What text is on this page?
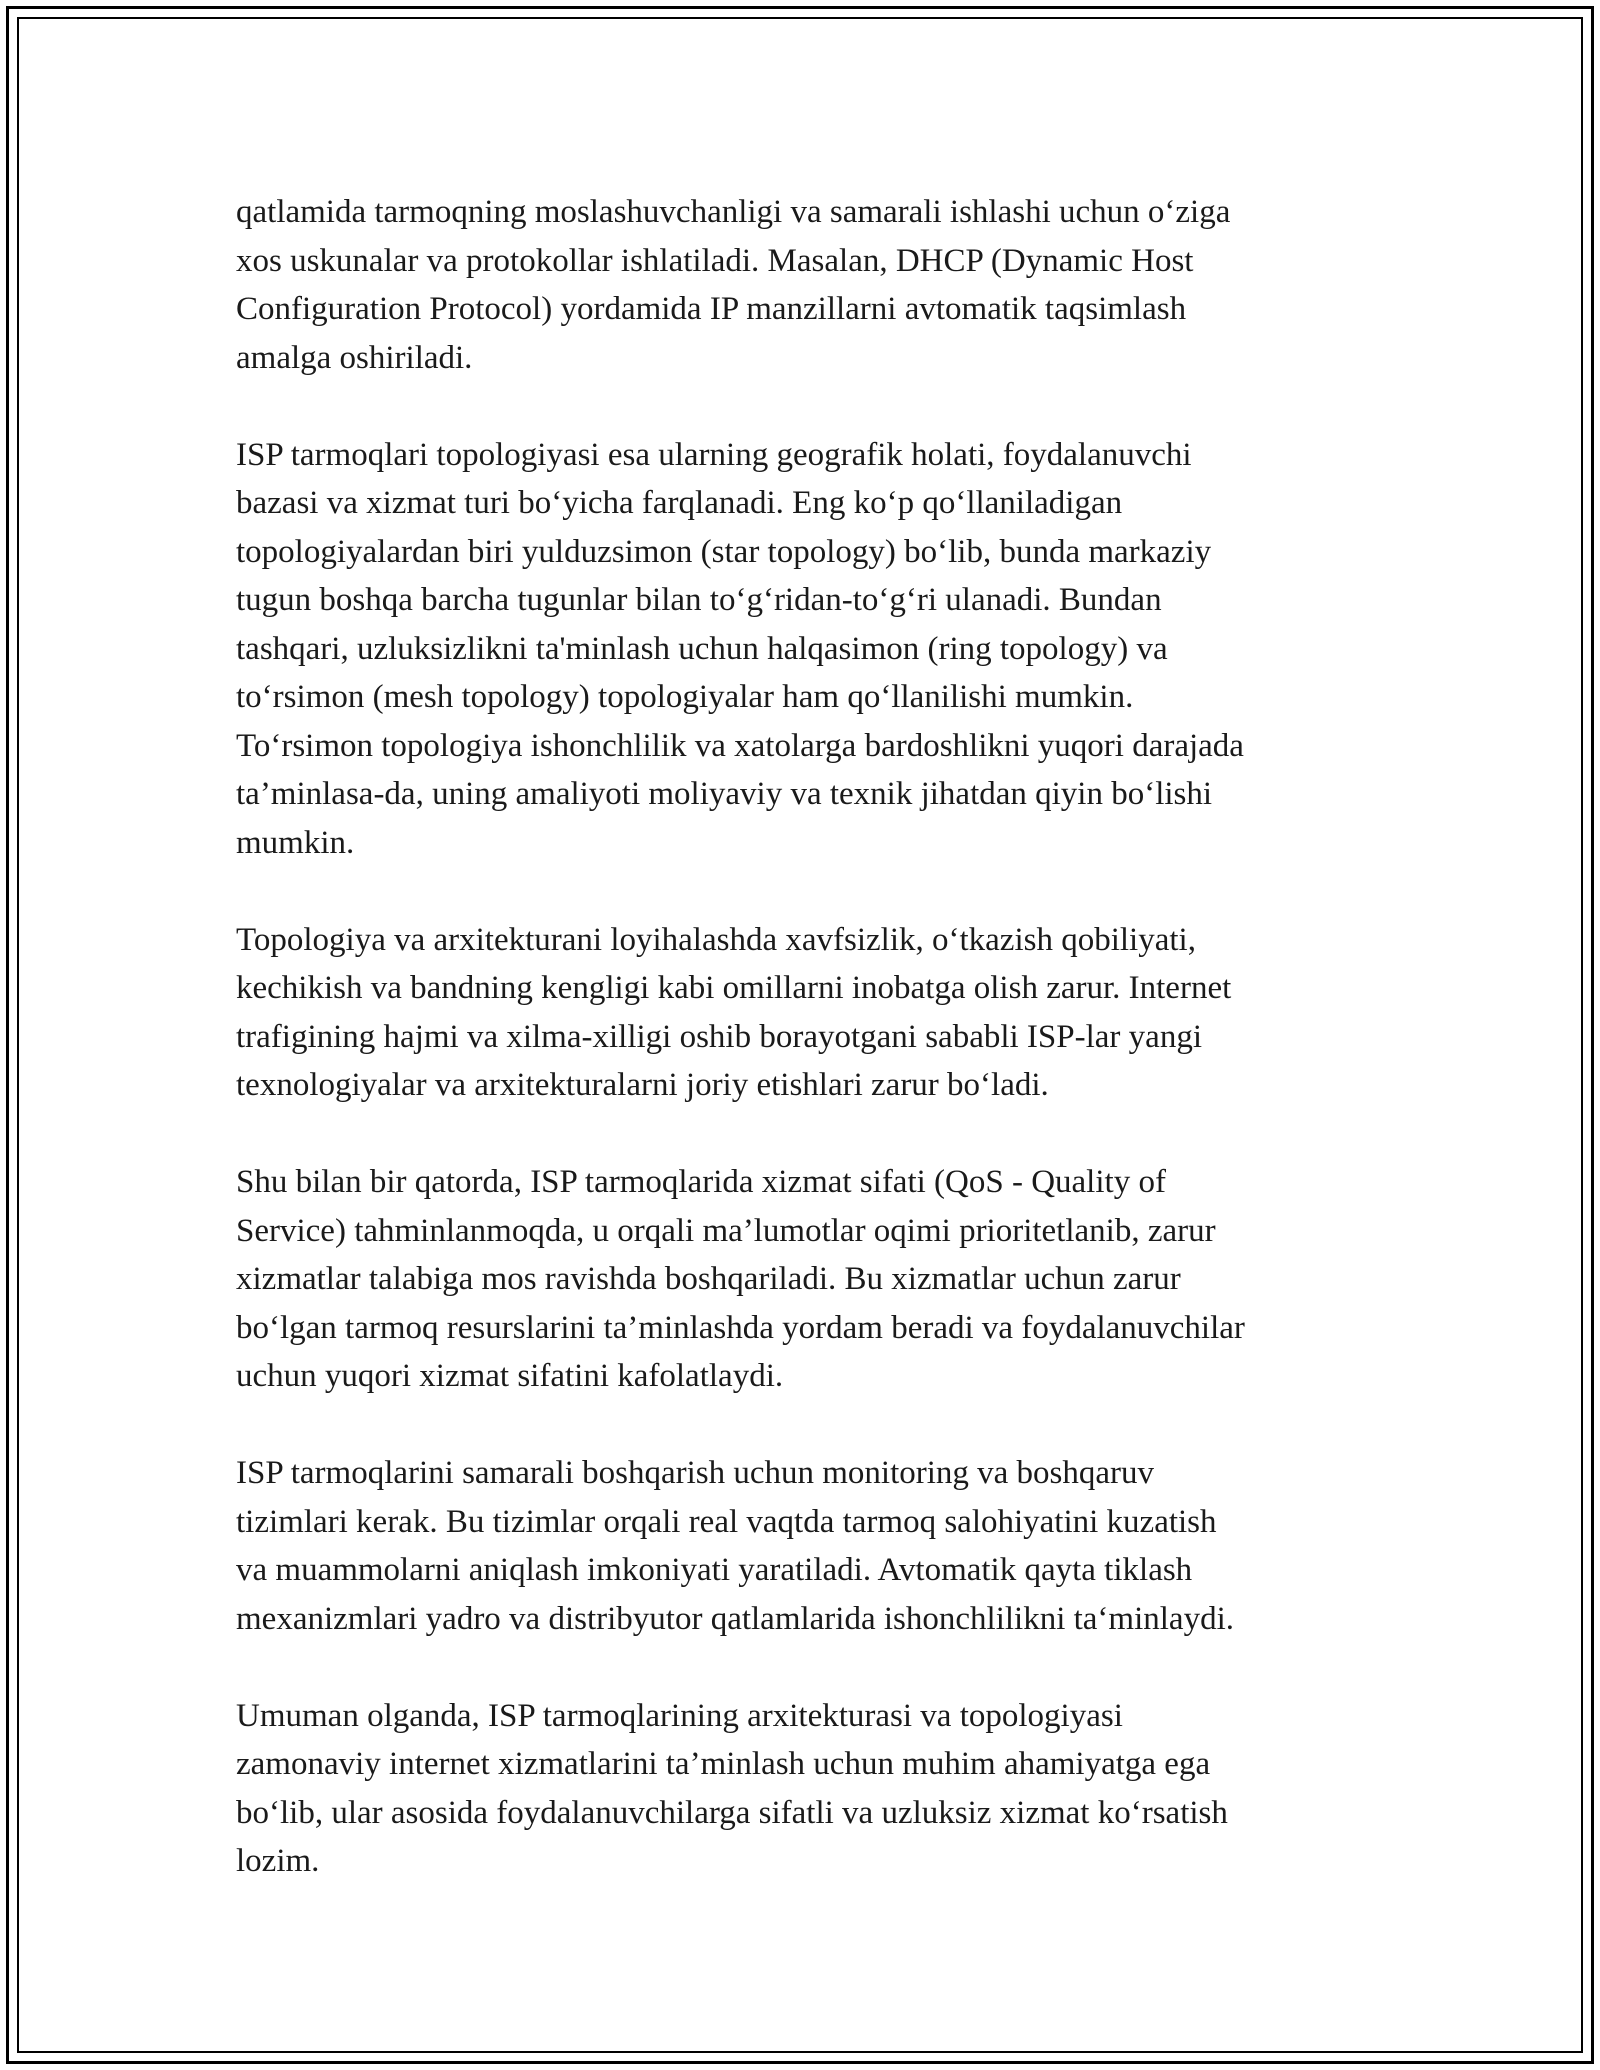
qatlamida tarmoqning moslashuvchanligi va samarali ishlashi uchun o‘ziga
xos uskunalar va protokollar ishlatiladi. Masalan, DHCP (Dynamic Host
Configuration Protocol) yordamida IP manzillarni avtomatik taqsimlash
amalga oshiriladi.

ISP tarmoqlari topologiyasi esa ularning geografik holati, foydalanuvchi
bazasi va xizmat turi bo‘yicha farqlanadi. Eng ko‘p qo‘llaniladigan
topologiyalardan biri yulduzsimon (star topology) bo‘lib, bunda markaziy
tugun boshqa barcha tugunlar bilan to‘g‘ridan-to‘g‘ri ulanadi. Bundan
tashqari, uzluksizlikni ta'minlash uchun halqasimon (ring topology) va
to‘rsimon (mesh topology) topologiyalar ham qo‘llanilishi mumkin.
To‘rsimon topologiya ishonchlilik va xatolarga bardoshlikni yuqori darajada
ta’minlasa-da, uning amaliyoti moliyaviy va texnik jihatdan qiyin bo‘lishi
mumkin.

Topologiya va arxitekturani loyihalashda xavfsizlik, o‘tkazish qobiliyati,
kechikish va bandning kengligi kabi omillarni inobatga olish zarur. Internet
trafigining hajmi va xilma-xilligi oshib borayotgani sababli ISP-lar yangi
texnologiyalar va arxitekturalarni joriy etishlari zarur bo‘ladi.

Shu bilan bir qatorda, ISP tarmoqlarida xizmat sifati (QoS - Quality of
Service) tahminlanmoqda, u orqali ma’lumotlar oqimi prioritetlanib, zarur
xizmatlar talabiga mos ravishda boshqariladi. Bu xizmatlar uchun zarur
bo‘lgan tarmoq resurslarini ta’minlashda yordam beradi va foydalanuvchilar
uchun yuqori xizmat sifatini kafolatlaydi.

ISP tarmoqlarini samarali boshqarish uchun monitoring va boshqaruv
tizimlari kerak. Bu tizimlar orqali real vaqtda tarmoq salohiyatini kuzatish
va muammolarni aniqlash imkoniyati yaratiladi. Avtomatik qayta tiklash
mexanizmlari yadro va distribyutor qatlamlarida ishonchlilikni ta‘minlaydi.

Umuman olganda, ISP tarmoqlarining arxitekturasi va topologiyasi
zamonaviy internet xizmatlarini ta’minlash uchun muhim ahamiyatga ega
bo‘lib, ular asosida foydalanuvchilarga sifatli va uzluksiz xizmat ko‘rsatish
lozim.
